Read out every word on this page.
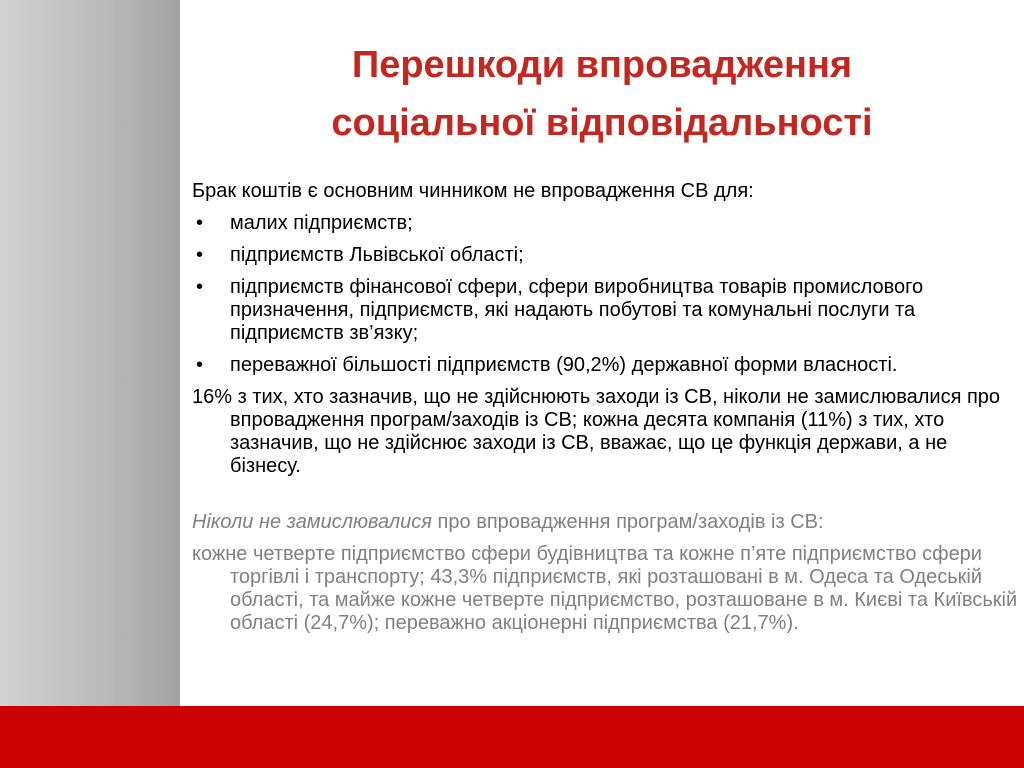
Перешкоди впровадження
соціальної відповідальності

Брак коштів є основним чинником не впровадження СВ для:

• малих підприємств;
• підприємств Львівської області;
• підприємств фінансової сфери, сфери виробництва товарів промислового призначення, підприємств, які надають побутові та комунальні послуги та підприємств зв’язку;
• переважної більшості підприємств (90,2%) державної форми власності.

16% з тих, хто зазначив, що не здійснюють заходи із СВ, ніколи не замислювалися про впровадження програм/заходів із СВ; кожна десята компанія (11%) з тих, хто зазначив, що не здійснює заходи із СВ, вважає, що це функція держави, а не бізнесу.

Ніколи не замислювалися про впровадження програм/заходів із СВ:

кожне четверте підприємство сфери будівництва та кожне п’яте підприємство сфери торгівлі і транспорту; 43,3% підприємств, які розташовані в м. Одеса та Одеській області, та майже кожне четверте підприємство, розташоване в м. Києві та Київській області (24,7%); переважно акціонерні підприємства (21,7%).
